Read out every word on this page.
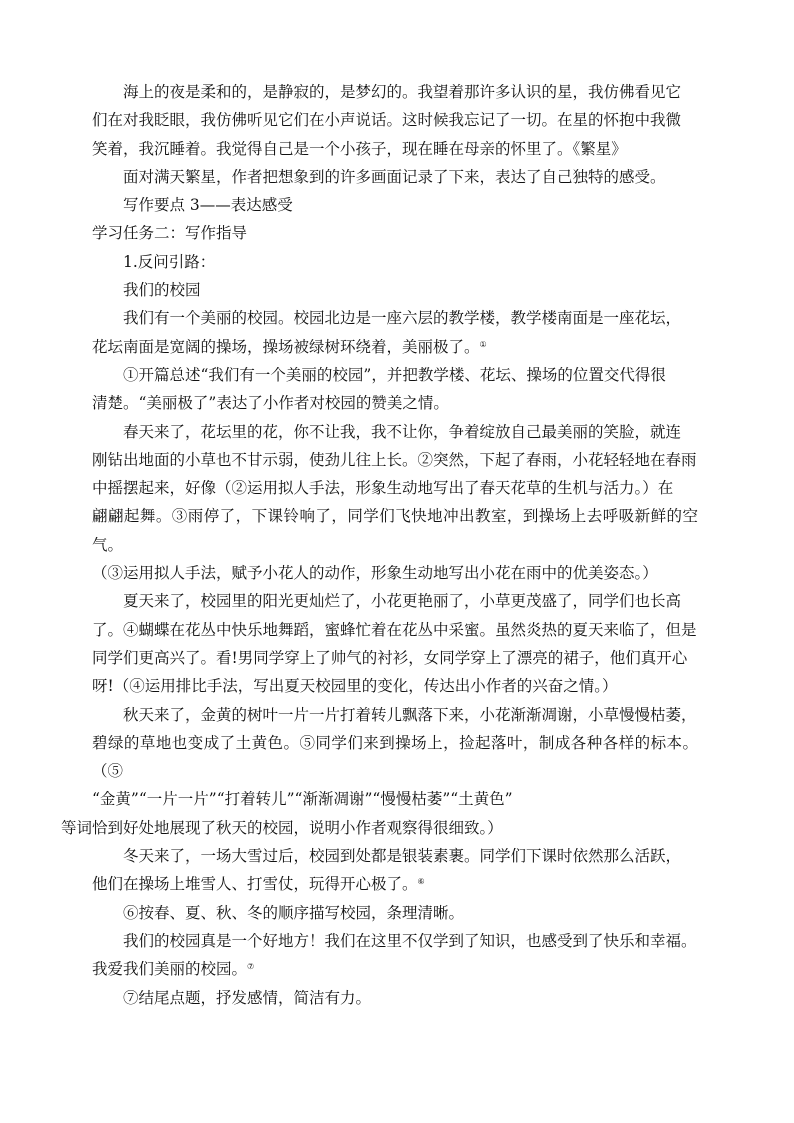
海上的夜是柔和的，是静寂的，是梦幻的。我望着那许多认识的星，我仿佛看见它
们在对我眨眼，我仿佛听见它们在小声说话。这时候我忘记了一切。在星的怀抱中我微
笑着，我沉睡着。我觉得自己是一个小孩子，现在睡在母亲的怀里了。《繁星》

面对满天繁星，作者把想象到的许多画面记录了下来，表达了自己独特的感受。

写作要点 3——表达感受

学习任务二：写作指导

1.反问引路：

我们的校园

我们有一个美丽的校园。校园北边是一座六层的教学楼，教学楼南面是一座花坛，
花坛南面是宽阔的操场，操场被绿树环绕着，美丽极了。①

①开篇总述“我们有一个美丽的校园”，并把教学楼、花坛、操场的位置交代得很
清楚。“美丽极了”表达了小作者对校园的赞美之情。

春天来了，花坛里的花，你不让我，我不让你，争着绽放自己最美丽的笑脸，就连
刚钻出地面的小草也不甘示弱，使劲儿往上长。②突然，下起了春雨，小花轻轻地在春雨
中摇摆起来，好像（②运用拟人手法，形象生动地写出了春天花草的生机与活力。）在
翩翩起舞。③雨停了，下课铃响了，同学们飞快地冲出教室，到操场上去呼吸新鲜的空气。
（③运用拟人手法，赋予小花人的动作，形象生动地写出小花在雨中的优美姿态。）

夏天来了，校园里的阳光更灿烂了，小花更艳丽了，小草更茂盛了，同学们也长高
了。④蝴蝶在花丛中快乐地舞蹈，蜜蜂忙着在花丛中采蜜。虽然炎热的夏天来临了，但是
同学们更高兴了。看!男同学穿上了帅气的衬衫，女同学穿上了漂亮的裙子，他们真开心
呀!（④运用排比手法，写出夏天校园里的变化，传达出小作者的兴奋之情。）

秋天来了，金黄的树叶一片一片打着转儿飘落下来，小花渐渐凋谢，小草慢慢枯萎，
碧绿的草地也变成了土黄色。⑤同学们来到操场上，捡起落叶，制成各种各样的标本。（⑤
“金黄”“一片一片”“打着转儿”“渐渐凋谢”“慢慢枯萎”“土黄色”
等词恰到好处地展现了秋天的校园，说明小作者观察得很细致。）

冬天来了，一场大雪过后，校园到处都是银装素裹。同学们下课时依然那么活跃，
他们在操场上堆雪人、打雪仗，玩得开心极了。⑥

⑥按春、夏、秋、冬的顺序描写校园，条理清晰。

我们的校园真是一个好地方！我们在这里不仅学到了知识，也感受到了快乐和幸福。
我爱我们美丽的校园。⑦

⑦结尾点题，抒发感情，简洁有力。
